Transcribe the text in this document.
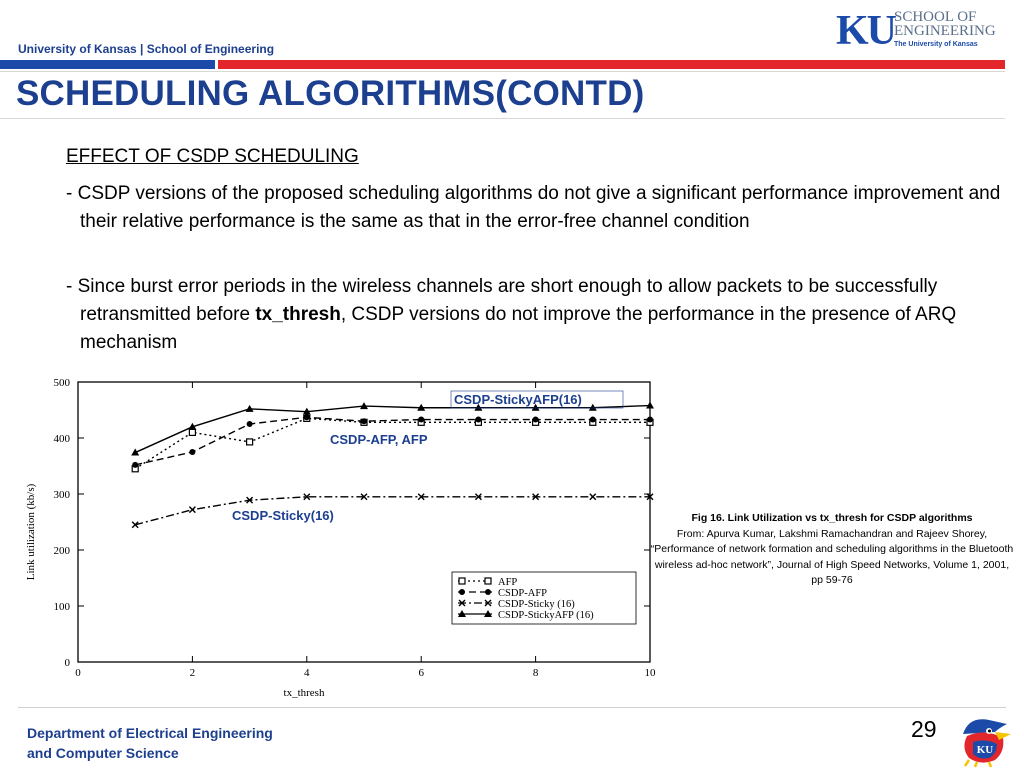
University of Kansas | School of Engineering	KU SCHOOL OF
ENGINEERING
The University of Kansas
SCHEDULING ALGORITHMS(CONTD)
EFFECT OF CSDP SCHEDULING
- CSDP versions of the proposed scheduling algorithms do not give a significant performance improvement and their relative performance is the same as that in the error-free channel condition
- Since burst error periods in the wireless channels are short enough to allow packets to be successfully retransmitted before tx_thresh, CSDP versions do not improve the performance in the presence of ARQ mechanism
0
100
200
300
400
500
0	2	4	6	8	10
tx_thresh
Link utilization (kb/s)
CSDP-StickyAFP(16)
CSDP-AFP, AFP
CSDP-Sticky(16)
AFP
CSDP-AFP
CSDP-Sticky (16)
CSDP-StickyAFP (16)
Fig 16. Link Utilization vs tx_thresh for CSDP algorithms
From: Apurva Kumar, Lakshmi Ramachandran and Rajeev Shorey, “Performance of network formation and scheduling algorithms in the Bluetooth wireless ad-hoc network”, Journal of High Speed Networks, Volume 1, 2001, pp 59-76
Department of Electrical Engineering
and Computer Science
29
KU
